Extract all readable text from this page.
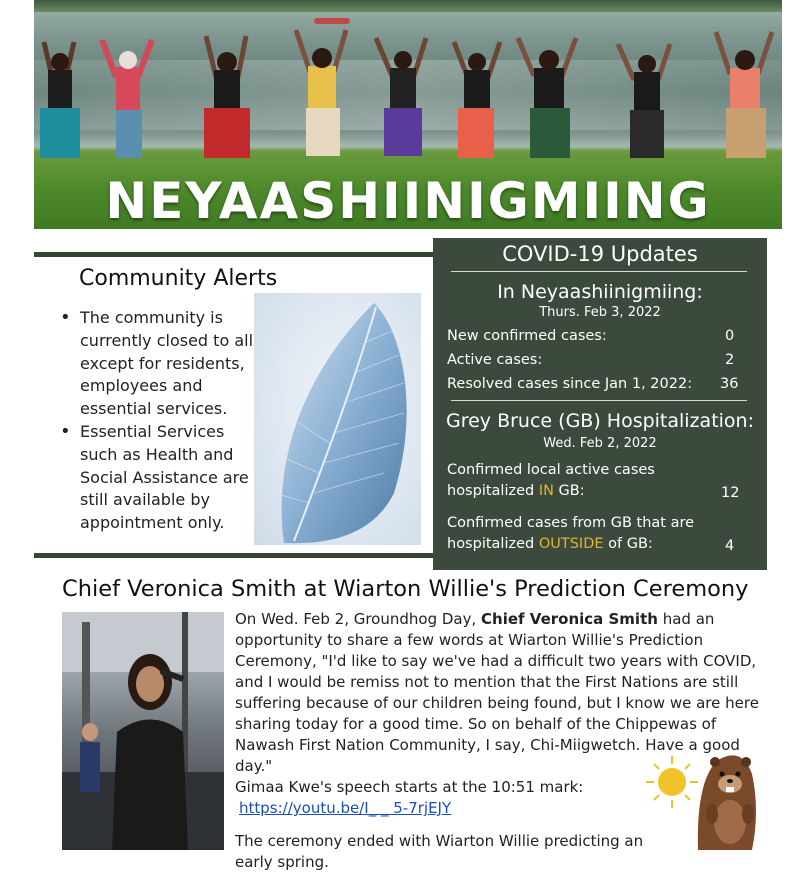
NEYAASHIINIGMIING
Community Alerts
• The community is currently closed to all except for residents, employees and essential services.
• Essential Services such as Health and Social Assistance are still available by appointment only.
COVID-19 Updates
In Neyaashiinigmiing:
Thurs. Feb 3, 2022
New confirmed cases:	0
Active cases:	2
Resolved cases since Jan 1, 2022: 36
Grey Bruce (GB) Hospitalization:
Wed. Feb 2, 2022
Confirmed local active cases
hospitalized IN GB:	12
Confirmed cases from GB that are
hospitalized OUTSIDE of GB:	4
Chief Veronica Smith at Wiarton Willie's Prediction Ceremony

On Wed. Feb 2, Groundhog Day, Chief Veronica Smith had an opportunity to share a few words at Wiarton Willie's Prediction Ceremony, "I'd like to say we've had a difficult two years with COVID, and I would be remiss not to mention that the First Nations are still suffering because of our children being found, but I know we are here sharing today for a good time. So on behalf of the Chippewas of Nawash First Nation Community, I say, Chi-Miigwetch. Have a good day."

Gimaa Kwe's speech starts at the 10:51 mark:

https://youtu.be/I_ _ 5-7rjEJY

The ceremony ended with Wiarton Willie predicting an early spring.
